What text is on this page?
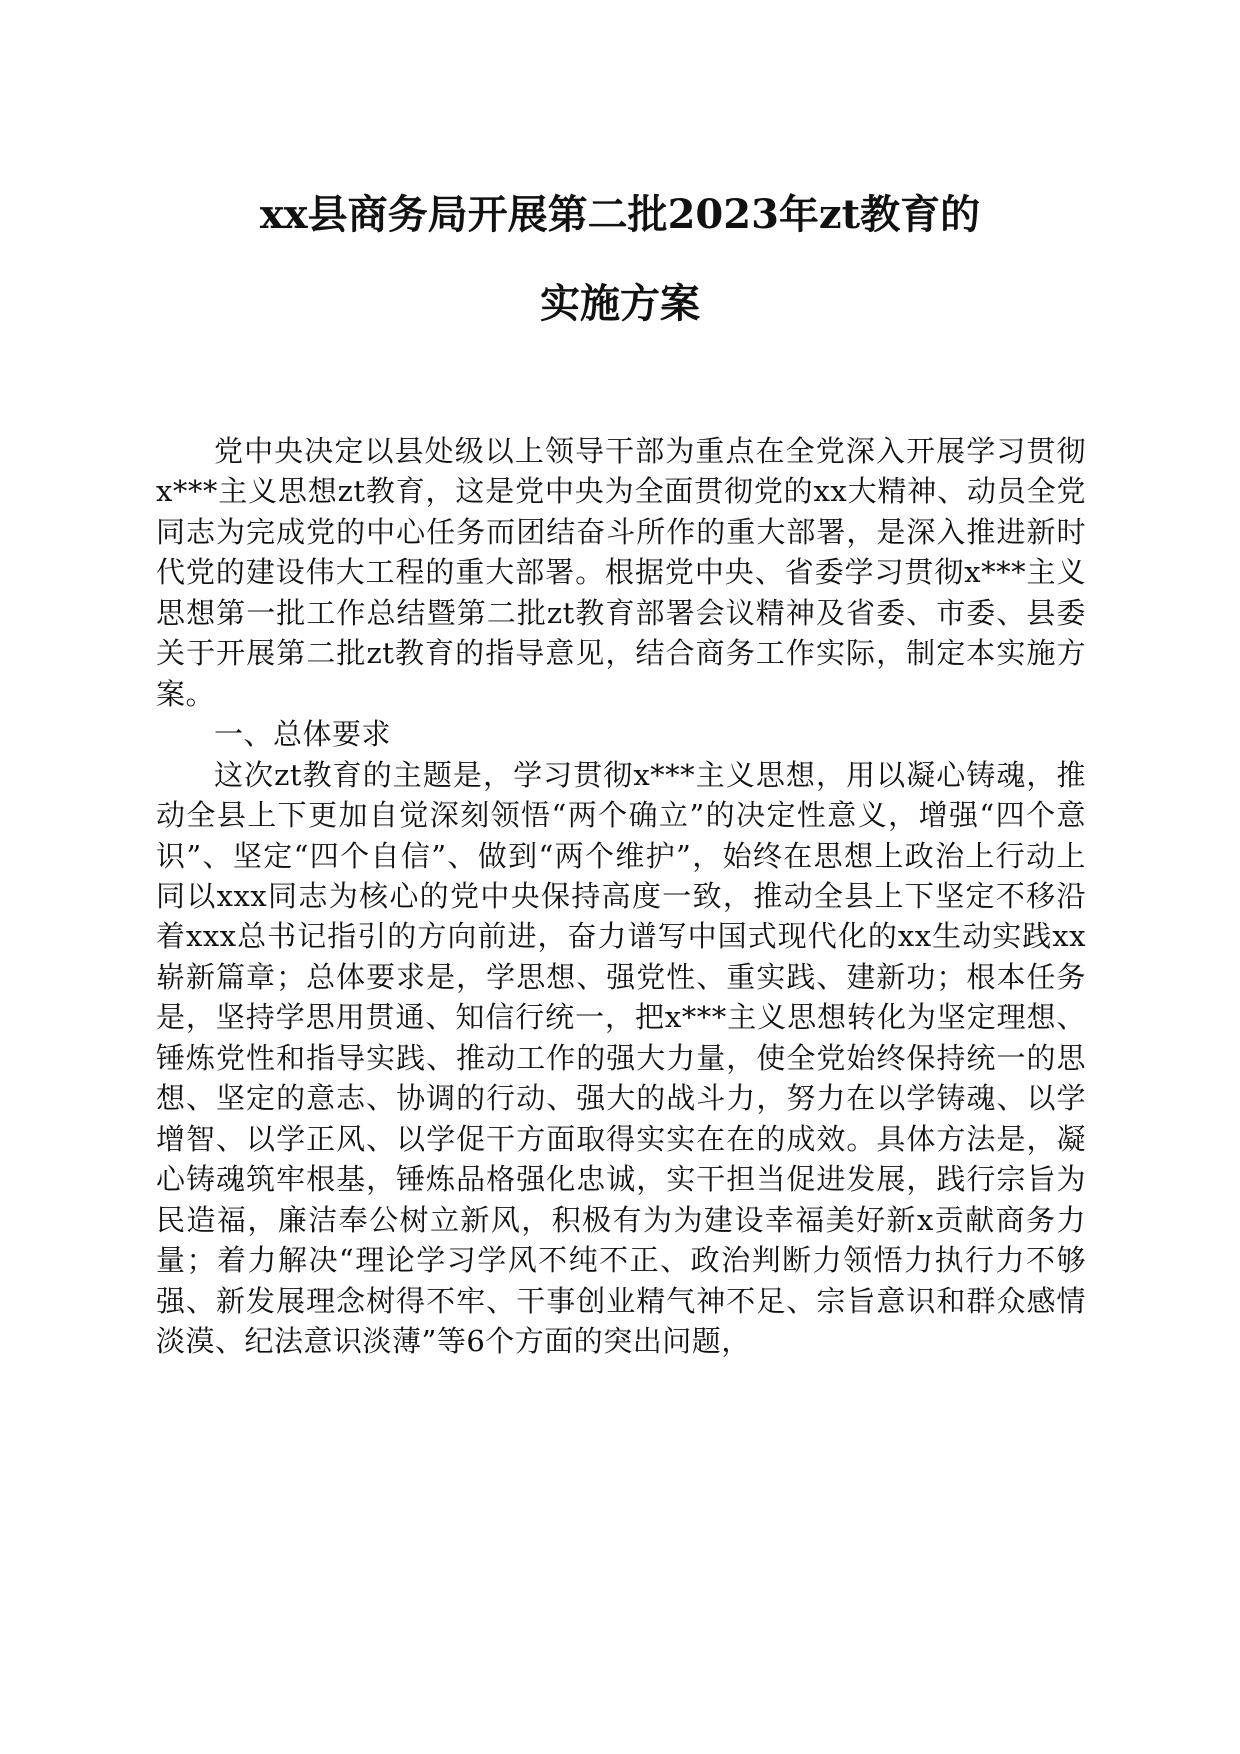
xx县商务局开展第二批2023年zt教育的
实施方案

党中央决定以县处级以上领导干部为重点在全党深入开展学习贯彻x***主义思想zt教育，这是党中央为全面贯彻党的xx大精神、动员全党同志为完成党的中心任务而团结奋斗所作的重大部署，是深入推进新时代党的建设伟大工程的重大部署。根据党中央、省委学习贯彻x***主义思想第一批工作总结暨第二批zt教育部署会议精神及省委、市委、县委关于开展第二批zt教育的指导意见，结合商务工作实际，制定本实施方案。

一、总体要求

这次zt教育的主题是，学习贯彻x***主义思想，用以凝心铸魂，推动全县上下更加自觉深刻领悟“两个确立”的决定性意义，增强“四个意识”、坚定“四个自信”、做到“两个维护”，始终在思想上政治上行动上同以xxx同志为核心的党中央保持高度一致，推动全县上下坚定不移沿着xxx总书记指引的方向前进，奋力谱写中国式现代化的xx生动实践xx崭新篇章；总体要求是，学思想、强党性、重实践、建新功；根本任务是，坚持学思用贯通、知信行统一，把x***主义思想转化为坚定理想、锤炼党性和指导实践、推动工作的强大力量，使全党始终保持统一的思想、坚定的意志、协调的行动、强大的战斗力，努力在以学铸魂、以学增智、以学正风、以学促干方面取得实实在在的成效。具体方法是，凝心铸魂筑牢根基，锤炼品格强化忠诚，实干担当促进发展，践行宗旨为民造福，廉洁奉公树立新风，积极有为为建设幸福美好新x贡献商务力量；着力解决“理论学习学风不纯不正、政治判断力领悟力执行力不够强、新发展理念树得不牢、干事创业精气神不足、宗旨意识和群众感情淡漠、纪法意识淡薄”等6个方面的突出问题，
